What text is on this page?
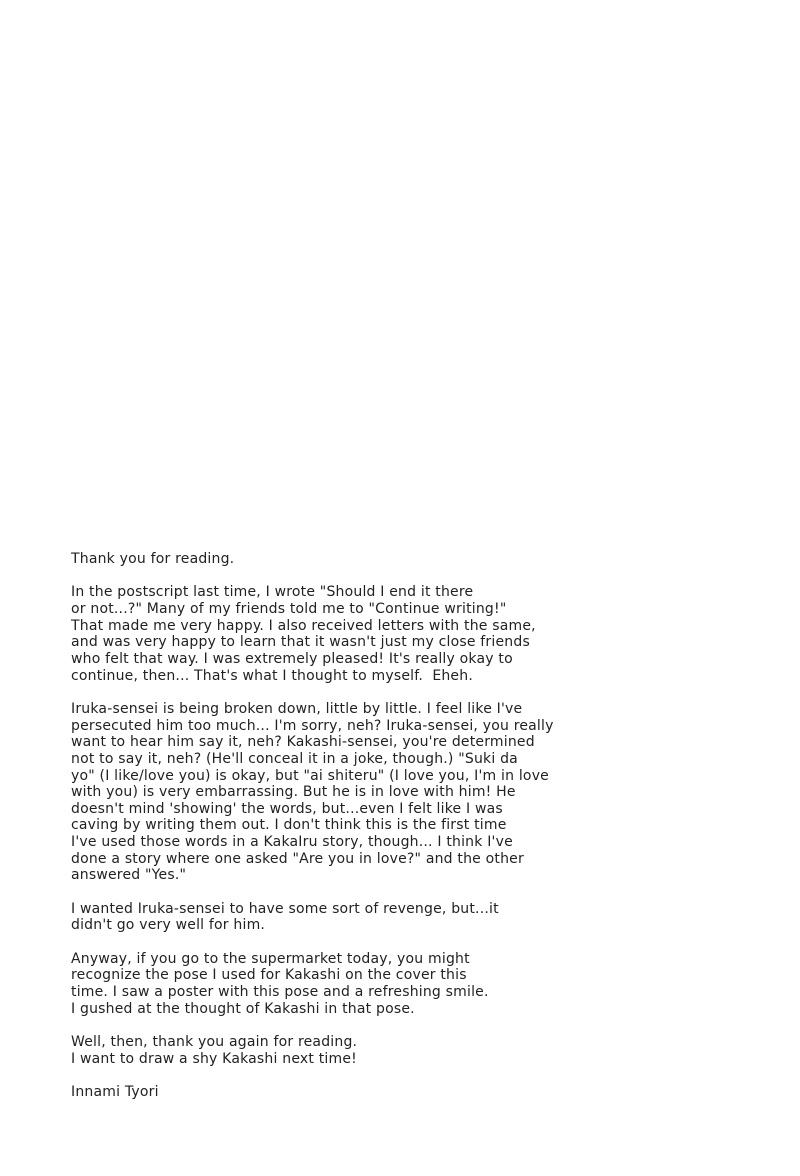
Thank you for reading.
In the postscript last time, I wrote "Should I end it there
or not...?" Many of my friends told me to "Continue writing!"
That made me very happy. I also received letters with the same,
and was very happy to learn that it wasn't just my close friends
who felt that way. I was extremely pleased! It's really okay to
continue, then... That's what I thought to myself.  Eheh.
Iruka-sensei is being broken down, little by little. I feel like I've
persecuted him too much... I'm sorry, neh? Iruka-sensei, you really
want to hear him say it, neh? Kakashi-sensei, you're determined
not to say it, neh? (He'll conceal it in a joke, though.) "Suki da
yo" (I like/love you) is okay, but "ai shiteru" (I love you, I'm in love
with you) is very embarrassing. But he is in love with him! He
doesn't mind 'showing' the words, but...even I felt like I was
caving by writing them out. I don't think this is the first time
I've used those words in a KakaIru story, though... I think I've
done a story where one asked "Are you in love?" and the other
answered "Yes."
I wanted Iruka-sensei to have some sort of revenge, but...it
didn't go very well for him.
Anyway, if you go to the supermarket today, you might
recognize the pose I used for Kakashi on the cover this
time. I saw a poster with this pose and a refreshing smile.
I gushed at the thought of Kakashi in that pose.
Well, then, thank you again for reading.
I want to draw a shy Kakashi next time!
Innami Tyori
